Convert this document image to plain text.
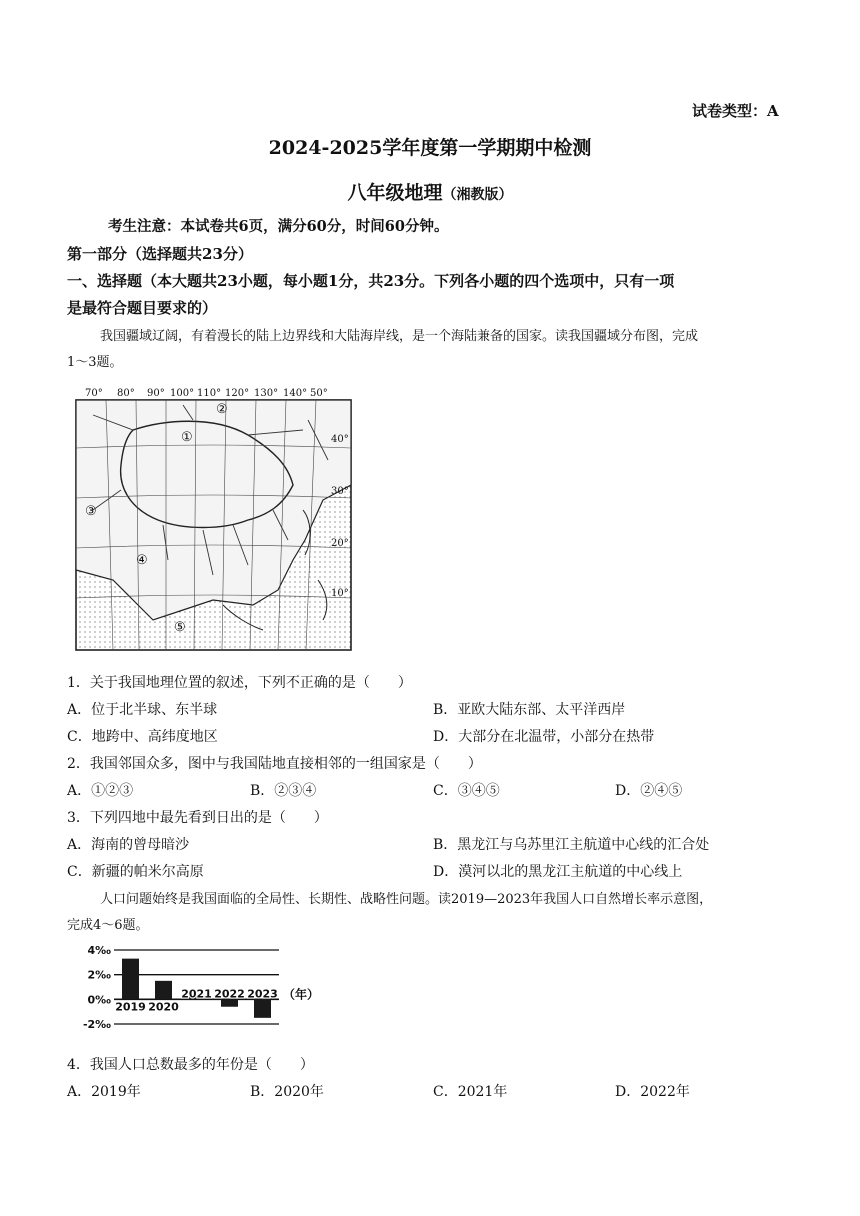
试卷类型：A
2024-2025学年度第一学期期中检测
八年级地理（湘教版）
考生注意：本试卷共6页，满分60分，时间60分钟。
第一部分（选择题共23分）
一、选择题（本大题共23小题，每小题1分，共23分。下列各小题的四个选项中，只有一项
是最符合题目要求的）
我国疆域辽阔，有着漫长的陆上边界线和大陆海岸线，是一个海陆兼备的国家。读我国疆域分布图，完成
1～3题。
70° 80° 90° 100° 110° 120° 130° 140° 50°
40°
30°
20°
10°
①
②
③
④
⑤
1．关于我国地理位置的叙述，下列不正确的是（　　）
A．位于北半球、东半球	B．亚欧大陆东部、太平洋西岸
C．地跨中、高纬度地区	D．大部分在北温带，小部分在热带
2．我国邻国众多，图中与我国陆地直接相邻的一组国家是（　　）
A．①②③	B．②③④	C．③④⑤	D．②④⑤
3．下列四地中最先看到日出的是（　　）
A．海南的曾母暗沙	B．黑龙江与乌苏里江主航道中心线的汇合处
C．新疆的帕米尔高原	D．漠河以北的黑龙江主航道的中心线上
人口问题始终是我国面临的全局性、长期性、战略性问题。读2019—2023年我国人口自然增长率示意图，
完成4～6题。
4‰
2‰
0‰
-2‰
2019 2020
2021 2022 2023 （年）
4．我国人口总数最多的年份是（　　）
A．2019年	B．2020年	C．2021年	D．2022年
